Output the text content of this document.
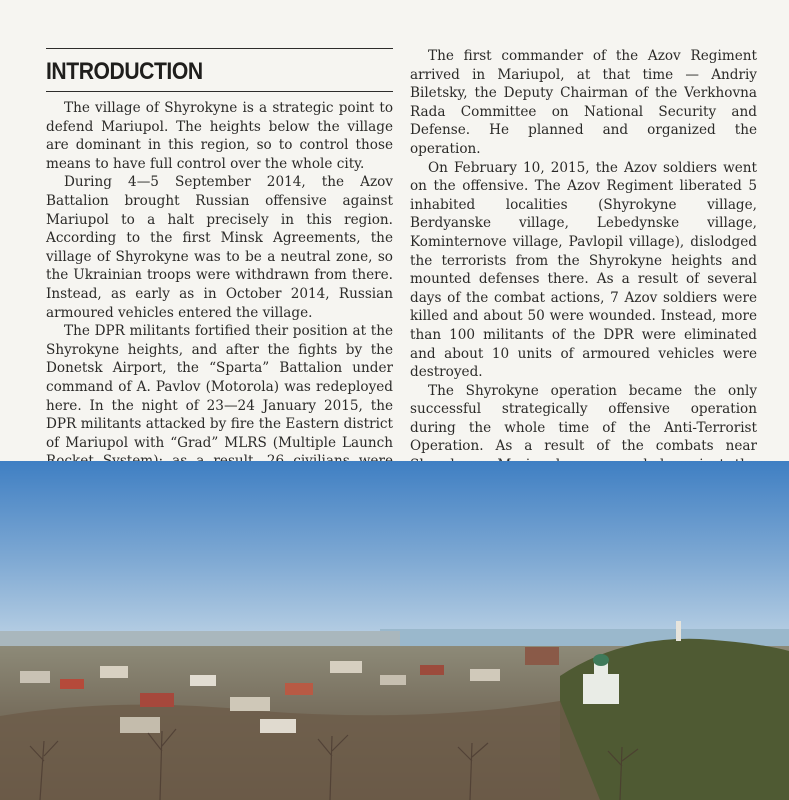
INTRODUCTION

The village of Shyrokyne is a strategic point to defend Mariupol. The heights below the village are dominant in this region, so to control those means to have full control over the whole city.

During 4—5 September 2014, the Azov Battalion brought Russian offensive against Mariupol to a halt precisely in this region. According to the first Minsk Agreements, the village of Shyrokyne was to be a neutral zone, so the Ukrainian troops were withdrawn from there. Instead, as early as in October 2014, Russian armoured vehicles entered the village.

The DPR militants fortified their position at the Shyrokyne heights, and after the fights by the Donetsk Airport, the “Sparta” Battalion under command of A. Pavlov (Motorola) was redeployed here. In the night of 23—24 January 2015, the DPR militants attacked by fire the Eastern district of Mariupol with “Grad” MLRS (Multiple Launch

The first commander of the Azov Regiment arrived in Mariupol, at that time — Andriy Biletsky, the Deputy Chairman of the Verkhovna Rada Committee on National Security and Defense. He planned and organized the operation.

On February 10, 2015, the Azov soldiers went on the offensive. The Azov Regiment liberated 5 inhabited localities (Shyrokyne village, Berdyanske village, Lebedynske village, Kominternove village, Pavlopil village), dislodged the terrorists from the Shyrokyne heights and mounted defenses there. As a result of several days of the combat actions, 7 Azov soldiers were killed and about 50 were wounded. Instead, more than 100 militants of the DPR were eliminated and about 10 units of armoured vehicles were destroyed.

The Shyrokyne operation became the only successful strategically offensive operation during the whole time of the Anti-Terrorist Operation. As a result of the combats near
